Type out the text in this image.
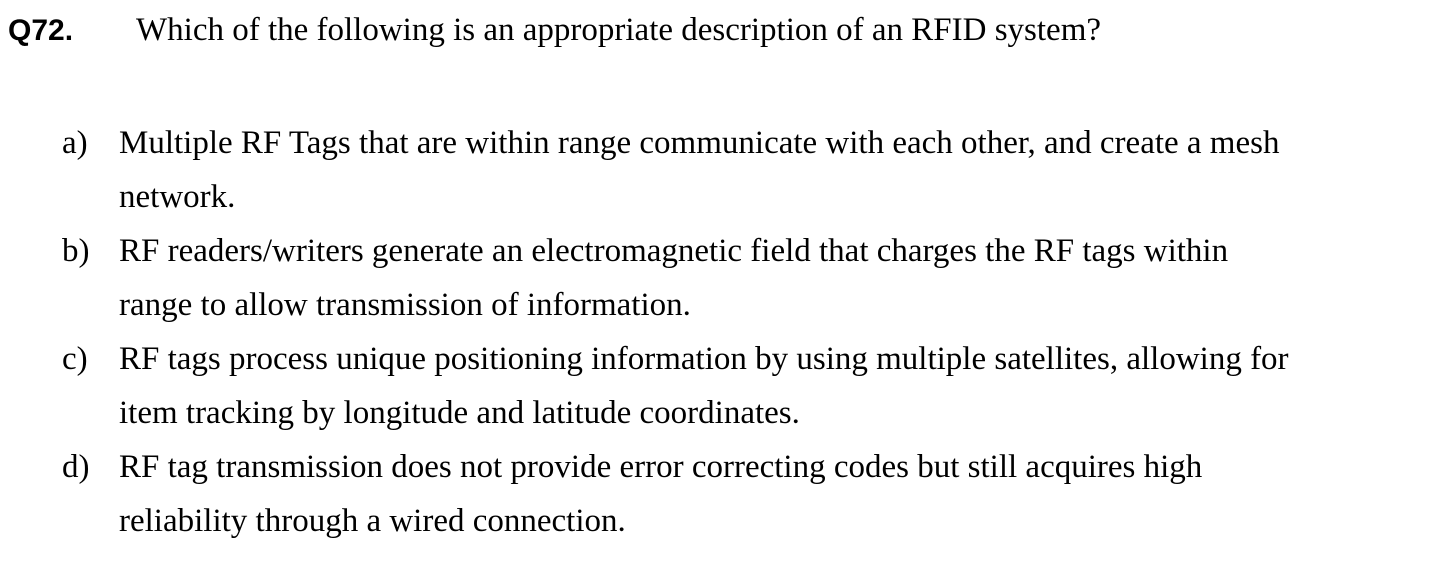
Q72.	Which of the following is an appropriate description of an RFID system?
a) Multiple RF Tags that are within range communicate with each other, and create a mesh
network.
b) RF readers/writers generate an electromagnetic field that charges the RF tags within
range to allow transmission of information.
c) RF tags process unique positioning information by using multiple satellites, allowing for
item tracking by longitude and latitude coordinates.
d) RF tag transmission does not provide error correcting codes but still acquires high
reliability through a wired connection.
